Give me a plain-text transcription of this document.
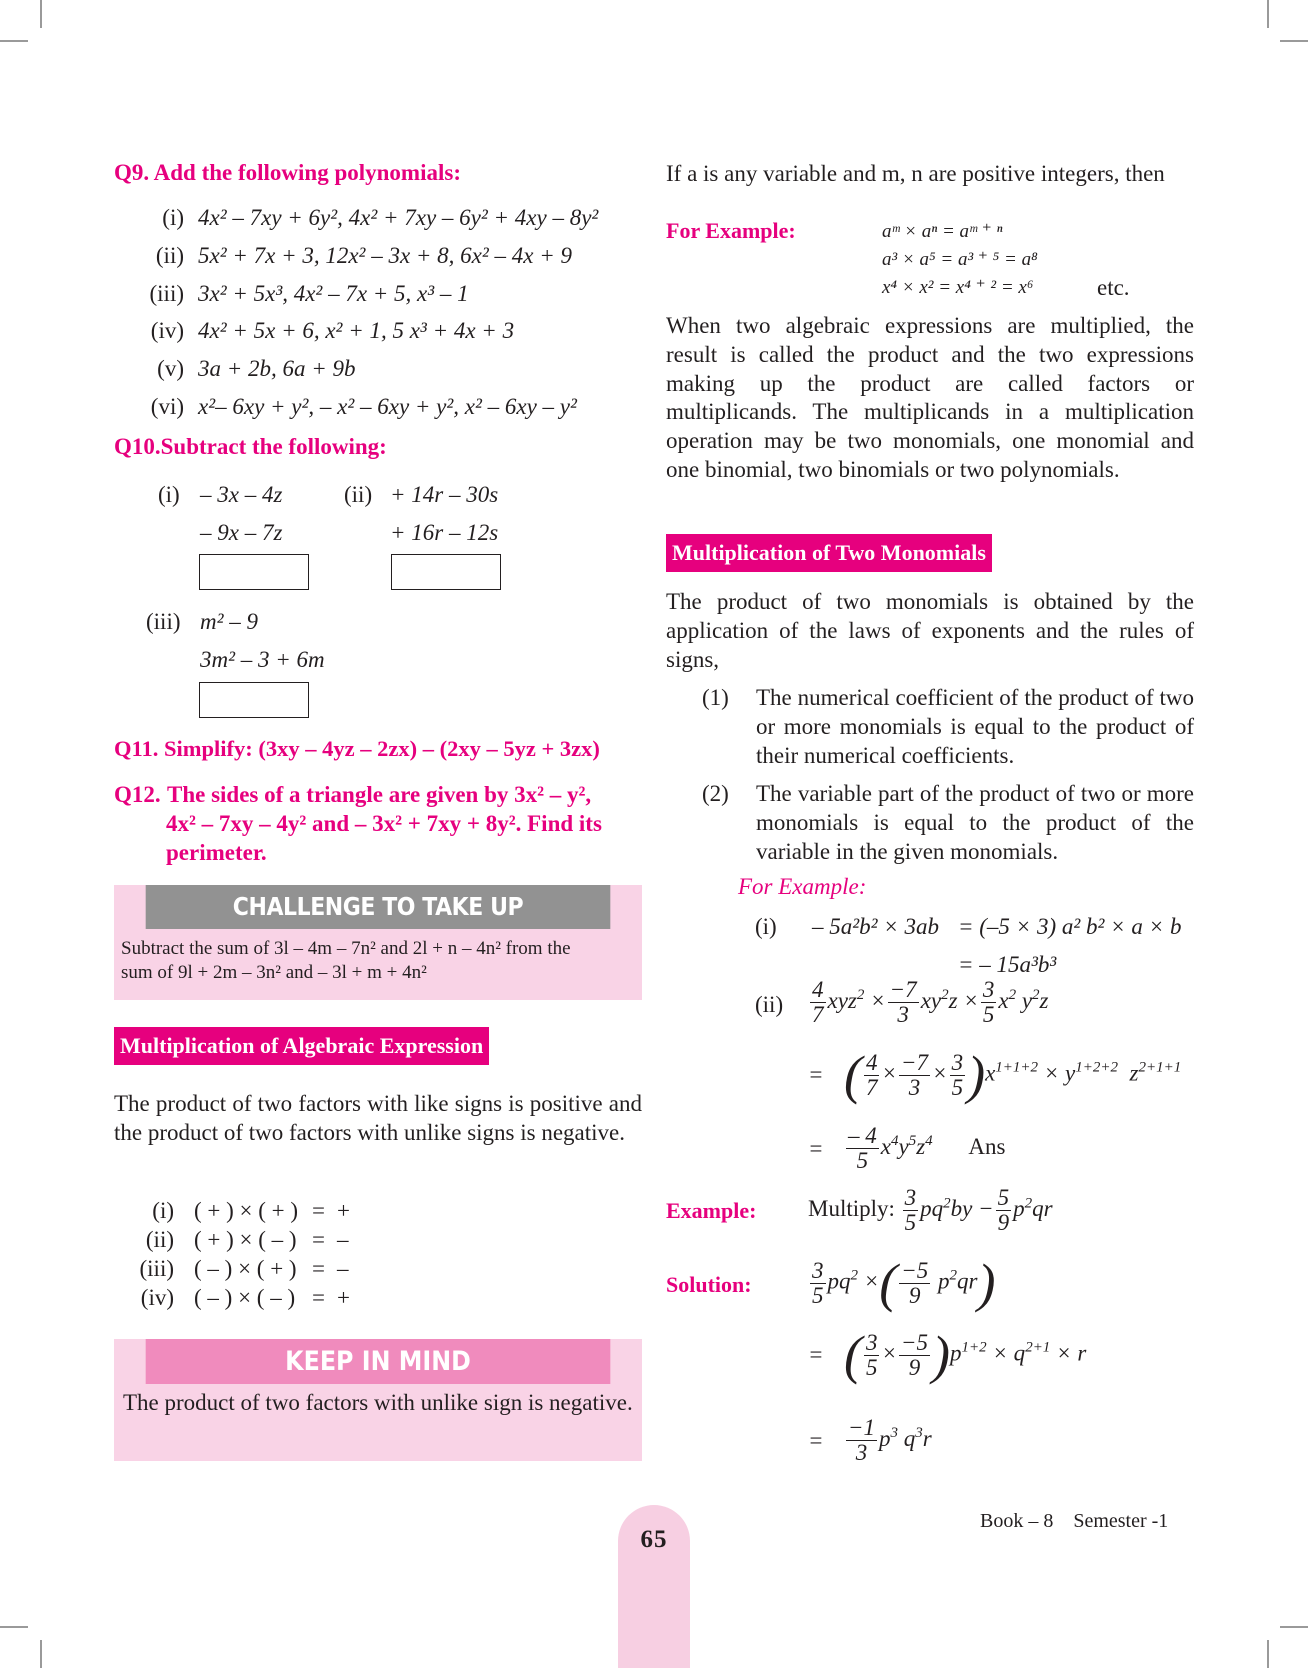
Q9. Add the following polynomials:
(i) 4x² – 7xy + 6y², 4x² + 7xy – 6y² + 4xy – 8y²
(ii) 5x² + 7x + 3, 12x² – 3x + 8, 6x² – 4x + 9
(iii) 3x² + 5x³, 4x² – 7x + 5, x³ – 1
(iv) 4x² + 5x + 6, x² + 1, 5 x³ + 4x + 3
(v) 3a + 2b, 6a + 9b
(vi) x²– 6xy + y², – x² – 6xy + y², x² – 6xy – y²
Q10.Subtract the following:
(i) – 3x – 4z
– 9x – 7z
(ii) + 14r – 30s
+ 16r – 12s
(iii) m² – 9
3m² – 3 + 6m
Q11. Simplify: (3xy – 4yz – 2zx) – (2xy – 5yz + 3zx)
Q12. The sides of a triangle are given by 3x² – y²,
4x² – 7xy – 4y² and – 3x² + 7xy + 8y². Find its
perimeter.
CHALLENGE TO TAKE UP
Subtract the sum of 3l – 4m – 7n² and 2l + n – 4n² from the
sum of 9l + 2m – 3n² and – 3l + m + 4n²
Multiplication of Algebraic Expression
The product of two factors with like signs is positive and the product of two factors with unlike signs is negative.
(i) ( + ) × ( + ) = +
(ii) ( + ) × ( – ) = –
(iii) ( – ) × ( + ) = –
(iv) ( – ) × ( – ) = +
KEEP IN MIND
The product of two factors with unlike sign is negative.
If a is any variable and m, n are positive integers, then
For Example:	aᵐ × aⁿ = aᵐ ⁺ ⁿ
a³ × a⁵ = a³ ⁺ ⁵ = a⁸
x⁴ × x² = x⁴ ⁺ ² = x⁶	etc.
When two algebraic expressions are multiplied, the result is called the product and the two expressions making up the product are called factors or multiplicands. The multiplicands in a multiplication operation may be two monomials, one monomial and one binomial, two binomials or two polynomials.
Multiplication of Two Monomials
The product of two monomials is obtained by the application of the laws of exponents and the rules of signs,
(1) The numerical coefficient of the product of two or more monomials is equal to the product of their numerical coefficients.
(2) The variable part of the product of two or more monomials is equal to the product of the variable in the given monomials.
For Example:
(i) – 5a²b² × 3ab = (–5 × 3) a² b² × a × b
= – 15a³b³
$(ii) \frac{4}{7} xyz^2 \times \frac{-7}{3} xy^2z \times \frac{3}{5} x^2$ $y^2z$
= ( $\frac{4}{7} \times \frac{-7}{3} \times \frac{3}{5} )x^{1+1+2} \times y^{1+2+2}$  $z^{2+1+1}$
= $\frac{- 4}{5} x^4y^5z^4$ Ans
Example: Multiply: $\frac{3}{5} pq^2by - \frac{5}{9} p^2qr$
Solution:	$\frac{3}{5} pq^2$ ×( $\frac{-5}{9} p^2qr$)
= ( $\frac{3}{5} \times \frac{-5}{9} )p^{1+2} \times q^{2+1} \times r$
= $\frac{-1}{3} p^3$ $q^3r$
Book – 8    Semester -1
65
